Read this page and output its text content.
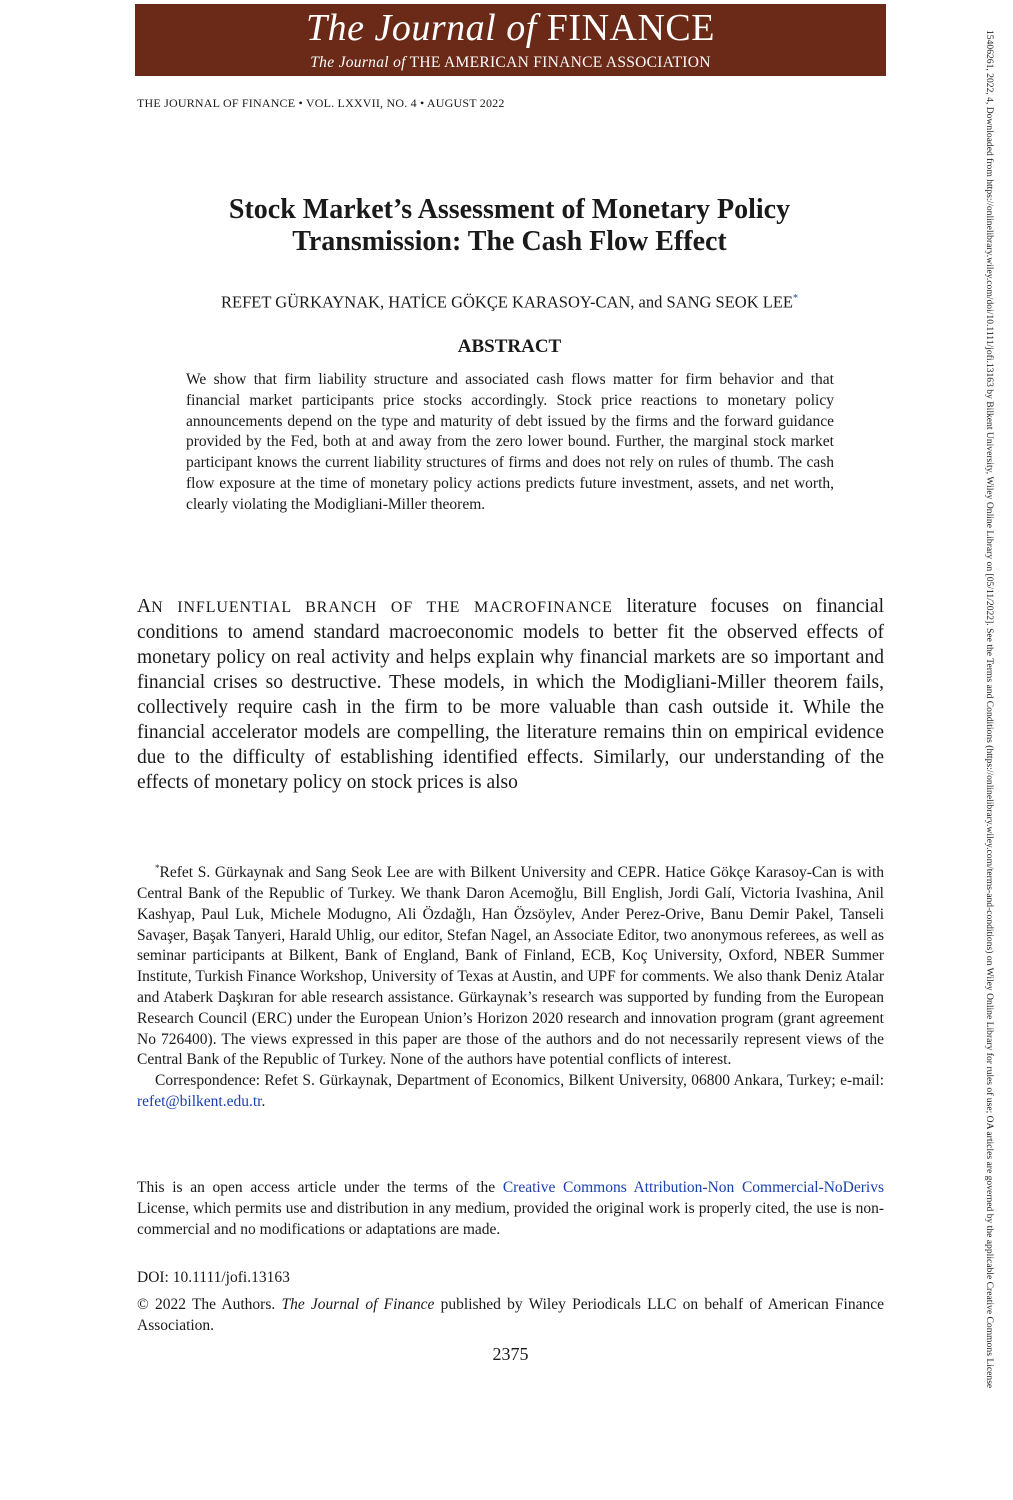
The Journal of FINANCE
The Journal of THE AMERICAN FINANCE ASSOCIATION
THE JOURNAL OF FINANCE • VOL. LXXVII, NO. 4 • AUGUST 2022
Stock Market’s Assessment of Monetary Policy
Transmission: The Cash Flow Effect
REFET GÜRKAYNAK, HATİCE GÖKÇE KARASOY-CAN, and SANG SEOK LEE*
ABSTRACT
We show that firm liability structure and associated cash flows matter for firm behavior and that financial market participants price stocks accordingly. Stock price reactions to monetary policy announcements depend on the type and maturity of debt issued by the firms and the forward guidance provided by the Fed, both at and away from the zero lower bound. Further, the marginal stock market participant knows the current liability structures of firms and does not rely on rules of thumb. The cash flow exposure at the time of monetary policy actions predicts future investment, assets, and net worth, clearly violating the Modigliani-Miller theorem.
AN INFLUENTIAL BRANCH OF THE MACROFINANCE literature focuses on financial conditions to amend standard macroeconomic models to better fit the observed effects of monetary policy on real activity and helps explain why financial markets are so important and financial crises so destructive. These models, in which the Modigliani-Miller theorem fails, collectively require cash in the firm to be more valuable than cash outside it. While the financial accelerator models are compelling, the literature remains thin on empirical evidence due to the difficulty of establishing identified effects. Similarly, our understanding of the effects of monetary policy on stock prices is also

*Refet S. Gürkaynak and Sang Seok Lee are with Bilkent University and CEPR. Hatice Gökçe Karasoy-Can is with Central Bank of the Republic of Turkey. We thank Daron Acemoğlu, Bill English, Jordi Galí, Victoria Ivashina, Anil Kashyap, Paul Luk, Michele Modugno, Ali Özdağlı, Han Özsöylev, Ander Perez-Orive, Banu Demir Pakel, Tanseli Savaşer, Başak Tanyeri, Harald Uhlig, our editor, Stefan Nagel, an Associate Editor, two anonymous referees, as well as seminar participants at Bilkent, Bank of England, Bank of Finland, ECB, Koç University, Oxford, NBER Summer Institute, Turkish Finance Workshop, University of Texas at Austin, and UPF for comments. We also thank Deniz Atalar and Ataberk Daşkıran for able research assistance. Gürkaynak’s research was supported by funding from the European Research Council (ERC) under the European Union’s Horizon 2020 research and innovation program (grant agreement No 726400). The views expressed in this paper are those of the authors and do not necessarily represent views of the Central Bank of the Republic of Turkey. None of the authors have potential conflicts of interest.

Correspondence: Refet S. Gürkaynak, Department of Economics, Bilkent University, 06800 Ankara, Turkey; e-mail: refet@bilkent.edu.tr.

This is an open access article under the terms of the Creative Commons Attribution-Non Commercial-NoDerivs License, which permits use and distribution in any medium, provided the original work is properly cited, the use is non-commercial and no modifications or adaptations are made.
DOI: 10.1111/jofi.13163
© 2022 The Authors. The Journal of Finance published by Wiley Periodicals LLC on behalf of American Finance Association.
2375	15406261, 2022, 4, Downloaded from https://onlinelibrary.wiley.com/doi/10.1111/jofi.13163 by Bilkent University, Wiley Online Library on [05/11/2022]. See the Terms and Conditions (https://onlinelibrary.wiley.com/terms-and-conditions) on Wiley Online Library for rules of use; OA articles are governed by the applicable Creative Commons License
